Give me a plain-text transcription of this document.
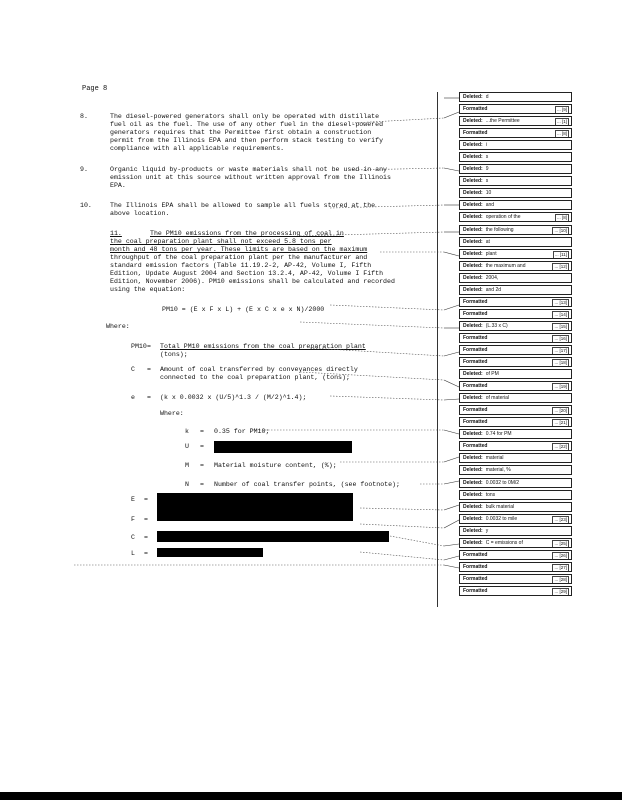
Page 8
8.	The diesel-powered generators shall only be operated with distillate
fuel oil as the fuel. The use of any other fuel in the diesel-powered
generators requires that the Permittee first obtain a construction
permit from the Illinois EPA and then perform stack testing to verify
compliance with all applicable requirements.
9.	Organic liquid by-products or waste materials shall not be used in any
emission unit at this source without written approval from the Illinois
EPA.
10.	The Illinois EPA shall be allowed to sample all fuels stored at the
above location.
11.	The PM10 emissions from the processing of coal in
the coal preparation plant shall not exceed 5.8 tons per
month and 48 tons per year. These limits are based on the maximum
throughput of the coal preparation plant per the manufacturer and
standard emission factors (Table 11.19.2-2, AP-42, Volume I, Fifth
Edition, Update August 2004 and Section 13.2.4, AP-42, Volume I Fifth
Edition, November 2006). PM10 emissions shall be calculated and recorded
using the equation:
PM10 = (E x F x L) + (E x C x e x N)/2000
Where:
PM10 = Total PM10 emissions from the coal preparation plant
(tons);
C = Amount of coal transferred by conveyances directly
connected to the coal preparation plant, (tons);
e = (k x 0.0032 x (U/5)^1.3 / (M/2)^1.4);
Where:
k = 0.35 for PM10;
U =
M = Material moisture content, (%);
N = Number of coal transfer points, (see footnote);
E =
F =
C =
L =
Deleted: d
Formatted	... [9]
Deleted: ...the Permittee	... [1]
Formatted	... [8]
Deleted: i
Deleted: s
Deleted: 9
Deleted: s
Deleted: 10
Deleted: and
Deleted: operation of the	... [8]
Deleted: the following	... [10]
Deleted: at
Deleted: plant	... [11]
Deleted: the maximum and	... [12]
Deleted: 2004,
Deleted: and 2d
Formatted	... [13]
Formatted	... [14]
Deleted: (L.33 x C)	... [15]
Formatted	... [16]
Formatted	... [17]
Formatted	... [18]
Deleted: of PM
Formatted	... [19]
Deleted: of material
Formatted	... [20]
Formatted	... [21]
Deleted: 0.74 for PM
Formatted	... [22]
Deleted: material
Deleted: material, %
Deleted: 0.0032 to 0M/2
Deleted: tons
Deleted: bulk material
Deleted: 0.0032 to mile	... [23]
Deleted: y
Deleted: C = emissions of	... [25]
Formatted	... [26]
Formatted	... [27]
Formatted	... [28]
Formatted	... [29]
